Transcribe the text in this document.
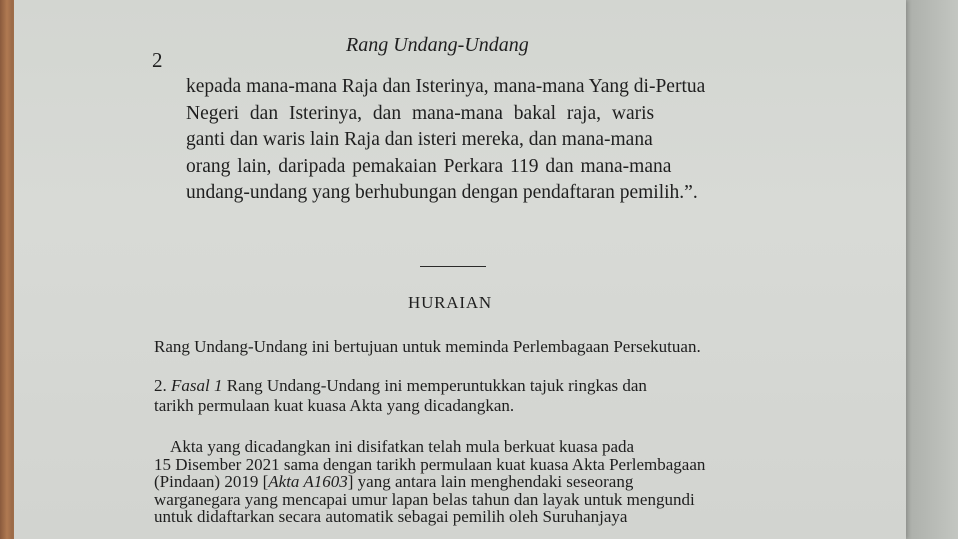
2
Rang Undang-Undang
kepada mana-mana Raja dan Isterinya, mana-mana Yang di-Pertua
Negeri dan Isterinya, dan mana-mana bakal raja, waris
ganti dan waris lain Raja dan isteri mereka, dan mana-mana
orang lain, daripada pemakaian Perkara 119 dan mana-mana
undang-undang yang berhubungan dengan pendaftaran pemilih.”.
HURAIAN
Rang Undang-Undang ini bertujuan untuk meminda Perlembagaan Persekutuan.
2. Fasal 1 Rang Undang-Undang ini memperuntukkan tajuk ringkas dan
tarikh permulaan kuat kuasa Akta yang dicadangkan.
Akta yang dicadangkan ini disifatkan telah mula berkuat kuasa pada
15 Disember 2021 sama dengan tarikh permulaan kuat kuasa Akta Perlembagaan
(Pindaan) 2019 [Akta A1603] yang antara lain menghendaki seseorang
warganegara yang mencapai umur lapan belas tahun dan layak untuk mengundi
untuk didaftarkan secara automatik sebagai pemilih oleh Suruhanjaya
